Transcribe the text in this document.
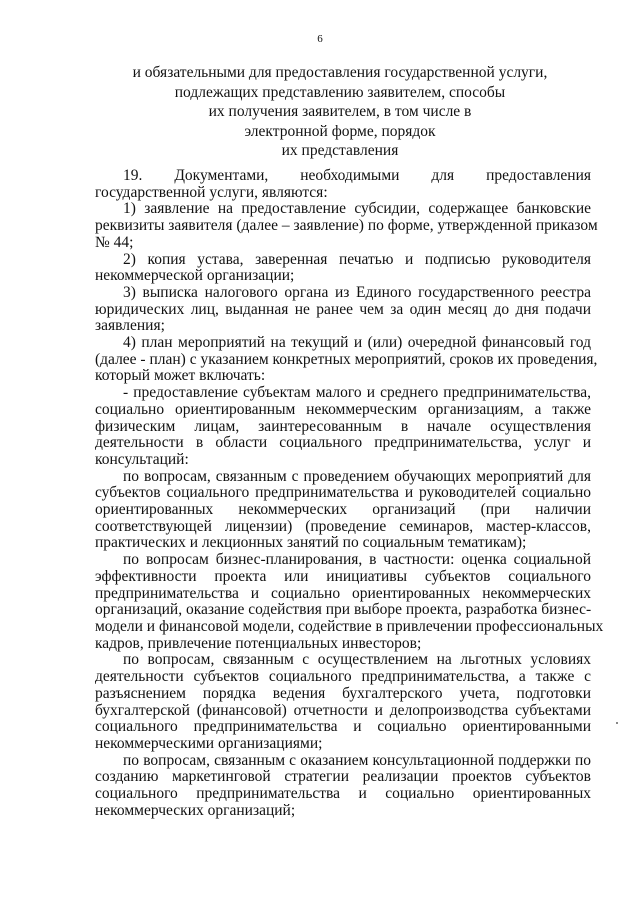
6
и обязательными для предоставления государственной услуги,
подлежащих представлению заявителем, способы
их получения заявителем, в том числе в
электронной форме, порядок
их представления

19. Документами, необходимыми для предоставления
государственной услуги, являются:

1) заявление на предоставление субсидии, содержащее банковские
реквизиты заявителя (далее – заявление) по форме, утвержденной приказом
№ 44;

2) копия устава, заверенная печатью и подписью руководителя
некоммерческой организации;

3) выписка налогового органа из Единого государственного реестра
юридических лиц, выданная не ранее чем за один месяц до дня подачи
заявления;

4) план мероприятий на текущий и (или) очередной финансовый год
(далее - план) с указанием конкретных мероприятий, сроков их проведения,
который может включать:

- предоставление субъектам малого и среднего предпринимательства,
социально ориентированным некоммерческим организациям, а также
физическим лицам, заинтересованным в начале осуществления
деятельности в области социального предпринимательства, услуг и
консультаций:

по вопросам, связанным с проведением обучающих мероприятий для
субъектов социального предпринимательства и руководителей социально
ориентированных некоммерческих организаций (при наличии
соответствующей лицензии) (проведение семинаров, мастер-классов,
практических и лекционных занятий по социальным тематикам);

по вопросам бизнес-планирования, в частности: оценка социальной
эффективности проекта или инициативы субъектов социального
предпринимательства и социально ориентированных некоммерческих
организаций, оказание содействия при выборе проекта, разработка бизнес-
модели и финансовой модели, содействие в привлечении профессиональных
кадров, привлечение потенциальных инвесторов;

по вопросам, связанным с осуществлением на льготных условиях
деятельности субъектов социального предпринимательства, а также с
разъяснением порядка ведения бухгалтерского учета, подготовки
бухгалтерской (финансовой) отчетности и делопроизводства субъектами
социального предпринимательства и социально ориентированными
некоммерческими организациями;

по вопросам, связанным с оказанием консультационной поддержки по
созданию маркетинговой стратегии реализации проектов субъектов
социального предпринимательства и социально ориентированных
некоммерческих организаций;
